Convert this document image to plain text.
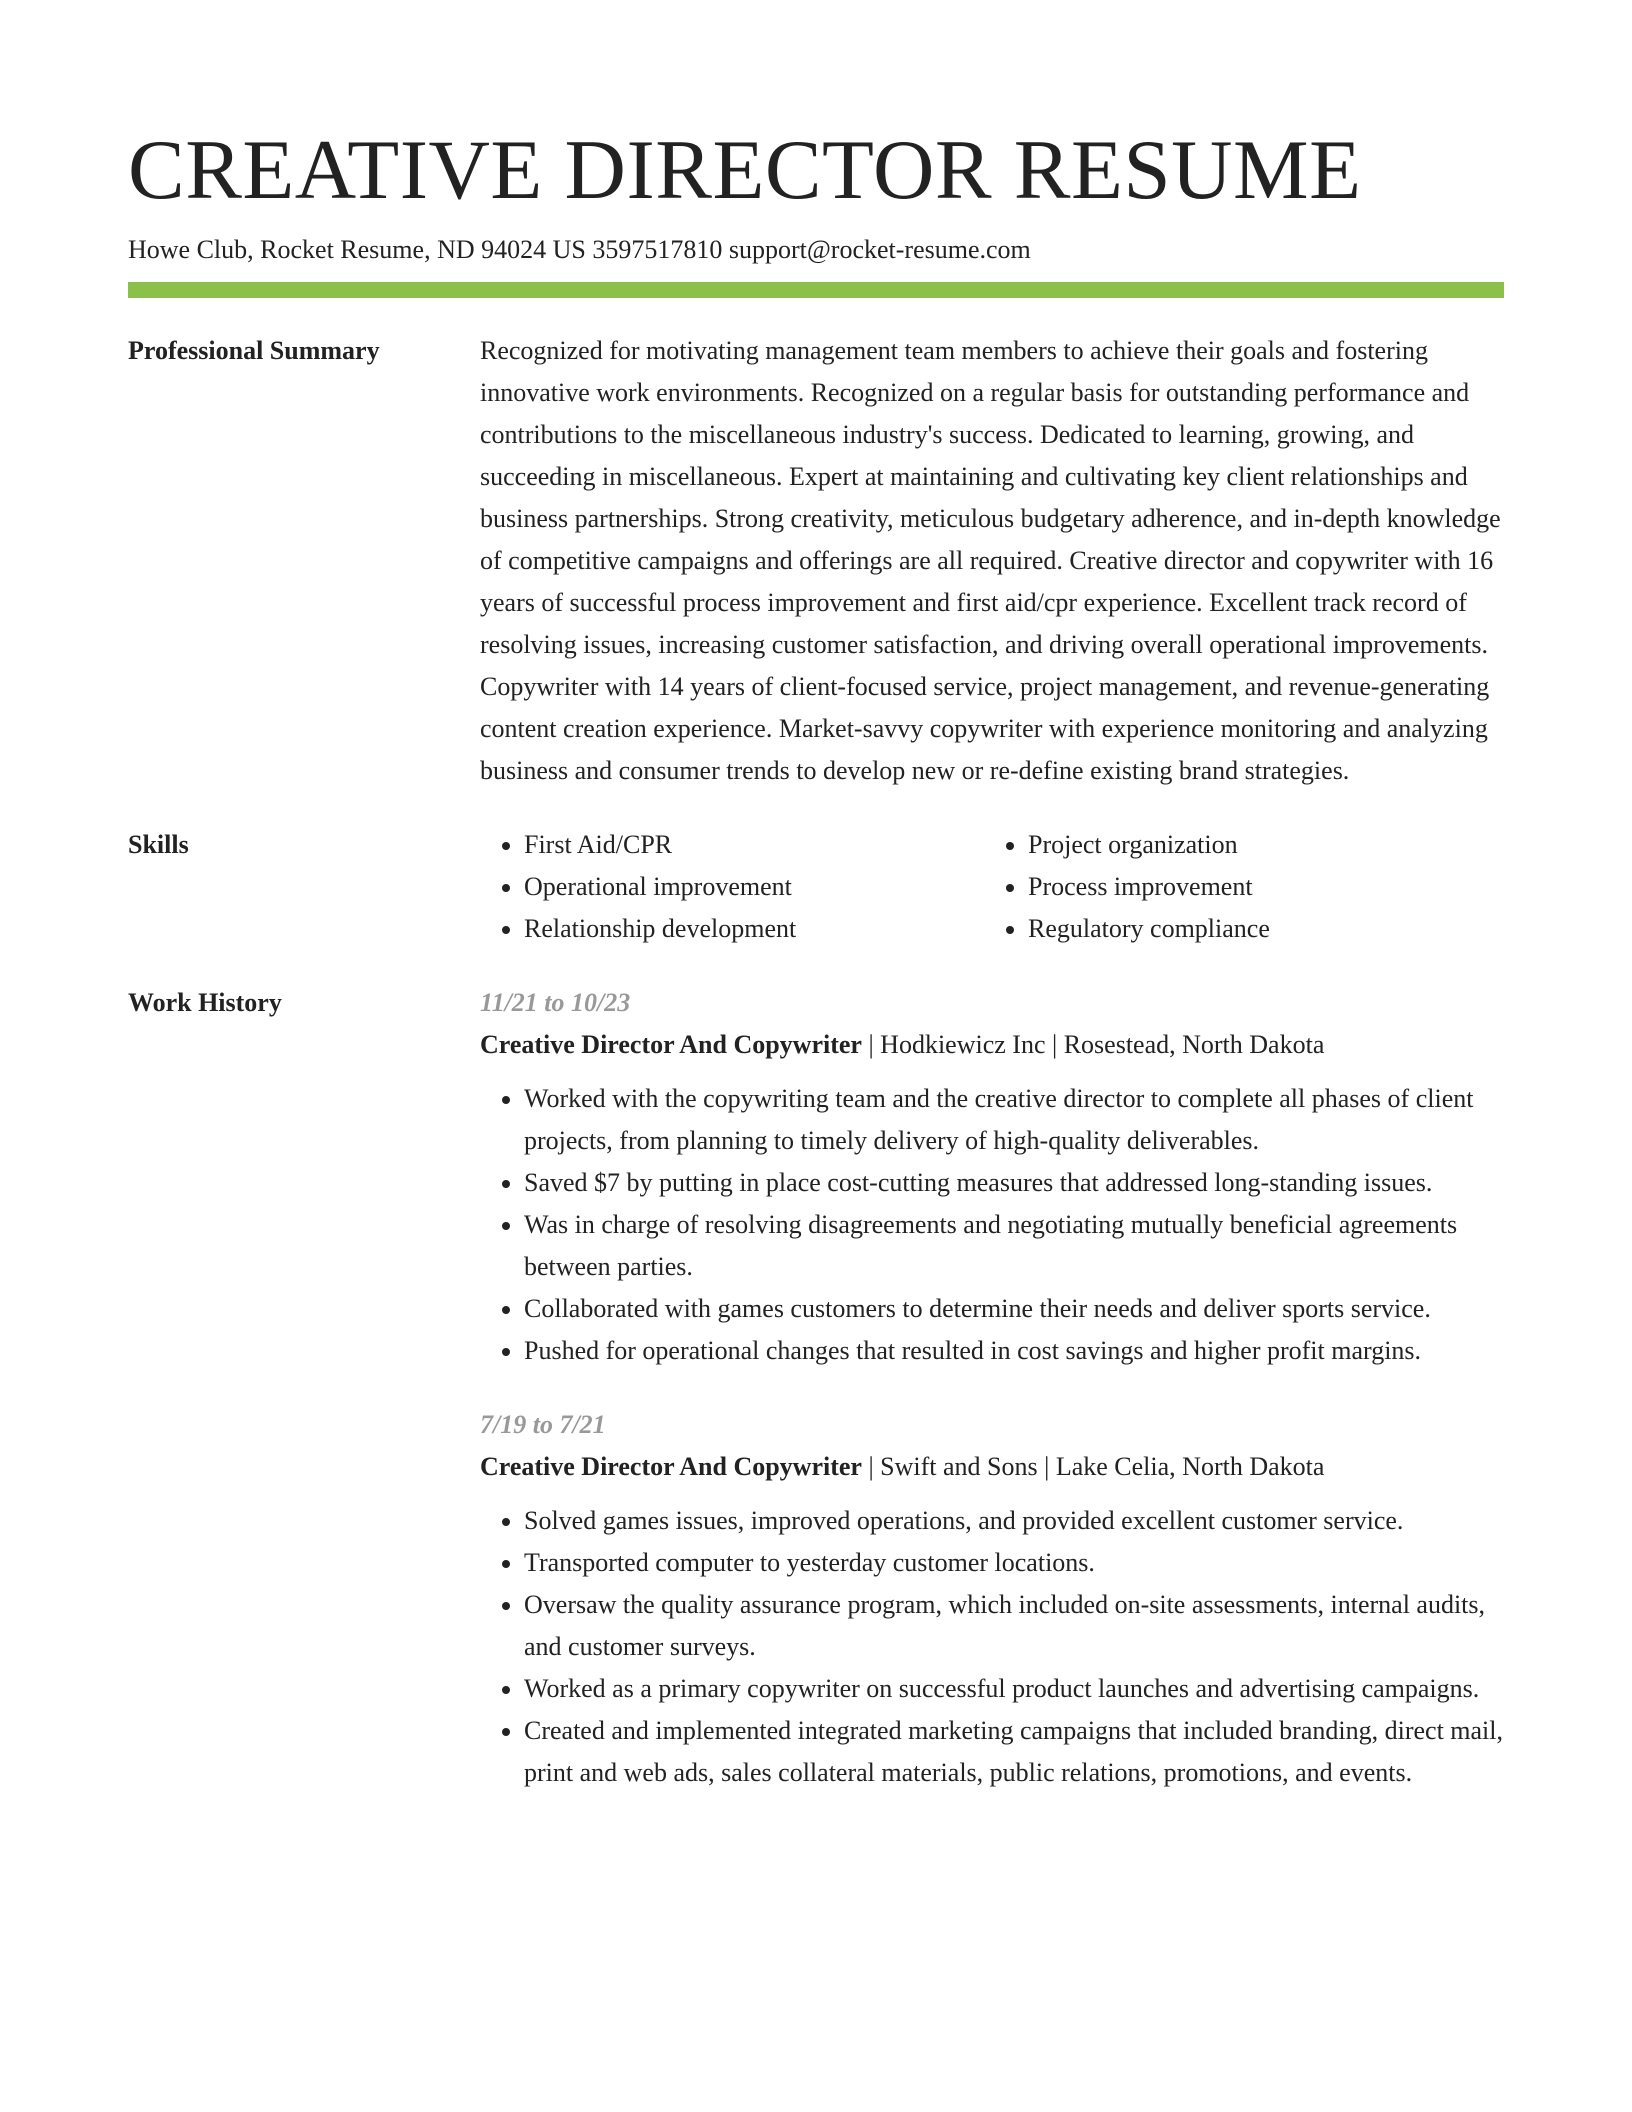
CREATIVE DIRECTOR RESUME
Howe Club, Rocket Resume, ND 94024 US 3597517810 support@rocket-resume.com
Professional Summary	Recognized for motivating management team members to achieve their goals and fostering innovative work environments. Recognized on a regular basis for outstanding performance and contributions to the miscellaneous industry's success. Dedicated to learning, growing, and succeeding in miscellaneous. Expert at maintaining and cultivating key client relationships and business partnerships. Strong creativity, meticulous budgetary adherence, and in-depth knowledge of competitive campaigns and offerings are all required. Creative director and copywriter with 16 years of successful process improvement and first aid/cpr experience. Excellent track record of resolving issues, increasing customer satisfaction, and driving overall operational improvements. Copywriter with 14 years of client-focused service, project management, and revenue-generating content creation experience. Market-savvy copywriter with experience monitoring and analyzing business and consumer trends to develop new or re-define existing brand strategies.

Skills
•	First Aid/CPR
• Operational improvement
• Relationship development
• Project organization
• Process improvement
• Regulatory compliance
Work History	11/21 to 10/23
Creative Director And Copywriter | Hodkiewicz Inc | Rosestead, North Dakota
• Worked with the copywriting team and the creative director to complete all phases of client projects, from planning to timely delivery of high-quality deliverables.
• Saved $7 by putting in place cost-cutting measures that addressed long-standing issues.
• Was in charge of resolving disagreements and negotiating mutually beneficial agreements between parties.
• Collaborated with games customers to determine their needs and deliver sports service.
• Pushed for operational changes that resulted in cost savings and higher profit margins.
7/19 to 7/21
Creative Director And Copywriter | Swift and Sons | Lake Celia, North Dakota
• Solved games issues, improved operations, and provided excellent customer service.
• Transported computer to yesterday customer locations.
• Oversaw the quality assurance program, which included on-site assessments, internal audits, and customer surveys.
• Worked as a primary copywriter on successful product launches and advertising campaigns.
• Created and implemented integrated marketing campaigns that included branding, direct mail, print and web ads, sales collateral materials, public relations, promotions, and events.
